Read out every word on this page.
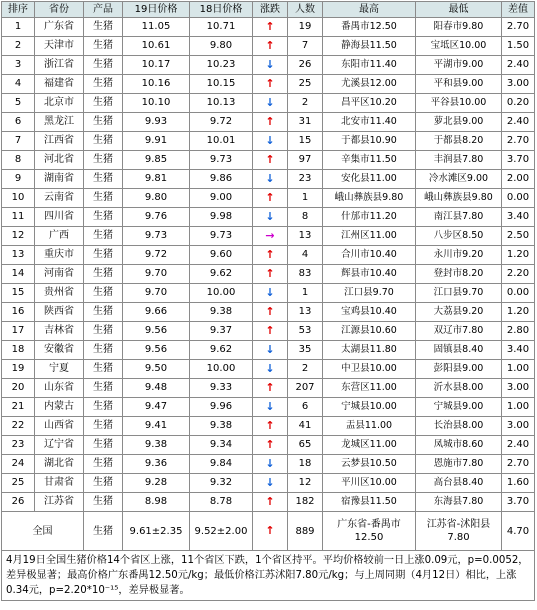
排序	省份	产品	19日价格	18日价格	涨跌	人数	最高	最低	差值
1	广东省	生猪	11.05	10.71	↑	19	番禺市12.50	阳春市9.80	2.70
2	天津市	生猪	10.61	9.80	↑	7	静海县11.50	宝坻区10.00	1.50
3	浙江省	生猪	10.17	10.23	↓	26	东阳市11.40	平湖市9.00	2.40
4	福建省	生猪	10.16	10.15	↑	25	尤溪县12.00	平和县9.00	3.00
5	北京市	生猪	10.10	10.13	↓	2	昌平区10.20	平谷县10.00	0.20
6	黑龙江	生猪	9.93	9.72	↑	31	北安市11.40	萝北县9.00	2.40
7	江西省	生猪	9.91	10.01	↓	15	于都县10.90	于都县8.20	2.70
8	河北省	生猪	9.85	9.73	↑	97	辛集市11.50	丰润县7.80	3.70
9	湖南省	生猪	9.81	9.86	↓	23	安化县11.00	冷水滩区9.00	2.00
10	云南省	生猪	9.80	9.00	↑	1	峨山彝族县9.80	峨山彝族县9.80	0.00
11	四川省	生猪	9.76	9.98	↓	8	什邡市11.20	南江县7.80	3.40
12	广西	生猪	9.73	9.73	→	13	江州区11.00	八步区8.50	2.50
13	重庆市	生猪	9.72	9.60	↑	4	合川市10.40	永川市9.20	1.20
14	河南省	生猪	9.70	9.62	↑	83	辉县市10.40	登封市8.20	2.20
15	贵州省	生猪	9.70	10.00	↓	1	江口县9.70	江口县9.70	0.00
16	陕西省	生猪	9.66	9.38	↑	13	宝鸡县10.40	大荔县9.20	1.20
17	吉林省	生猪	9.56	9.37	↑	53	江源县10.60	双辽市7.80	2.80
18	安徽省	生猪	9.56	9.62	↓	35	太湖县11.80	固镇县8.40	3.40
19	宁夏	生猪	9.50	10.00	↓	2	中卫县10.00	彭阳县9.00	1.00
20	山东省	生猪	9.48	9.33	↑	207	东营区11.00	沂水县8.00	3.00
21	内蒙古	生猪	9.47	9.96	↓	6	宁城县10.00	宁城县9.00	1.00
22	山西省	生猪	9.41	9.38	↑	41	盂县11.00	长治县8.00	3.00
23	辽宁省	生猪	9.38	9.34	↑	65	龙城区11.00	凤城市8.60	2.40
24	湖北省	生猪	9.36	9.84	↓	18	云梦县10.50	恩施市7.80	2.70
25	甘肃省	生猪	9.28	9.32	↓	12	平川区10.00	高台县8.40	1.60
26	江苏省	生猪	8.98	8.78	↑	182	宿豫县11.50	东海县7.80	3.70
全国		生猪	9.61±2.35	9.52±2.00	↑	889	广东省-番禺市12.50	江苏省-沭阳县7.80	4.70
4月19日全国生猪价格14个省区上涨，11个省区下跌，1个省区持平。平均价格较前一日上涨0.09元，p=0.0052，差异极显著；最高价格广东番禺12.50元/kg；最低价格江苏沭阳7.80元/kg；与上周同期（4月12日）相比，上涨0.34元，p=2.20*10⁻¹⁵，差异极显著。									
